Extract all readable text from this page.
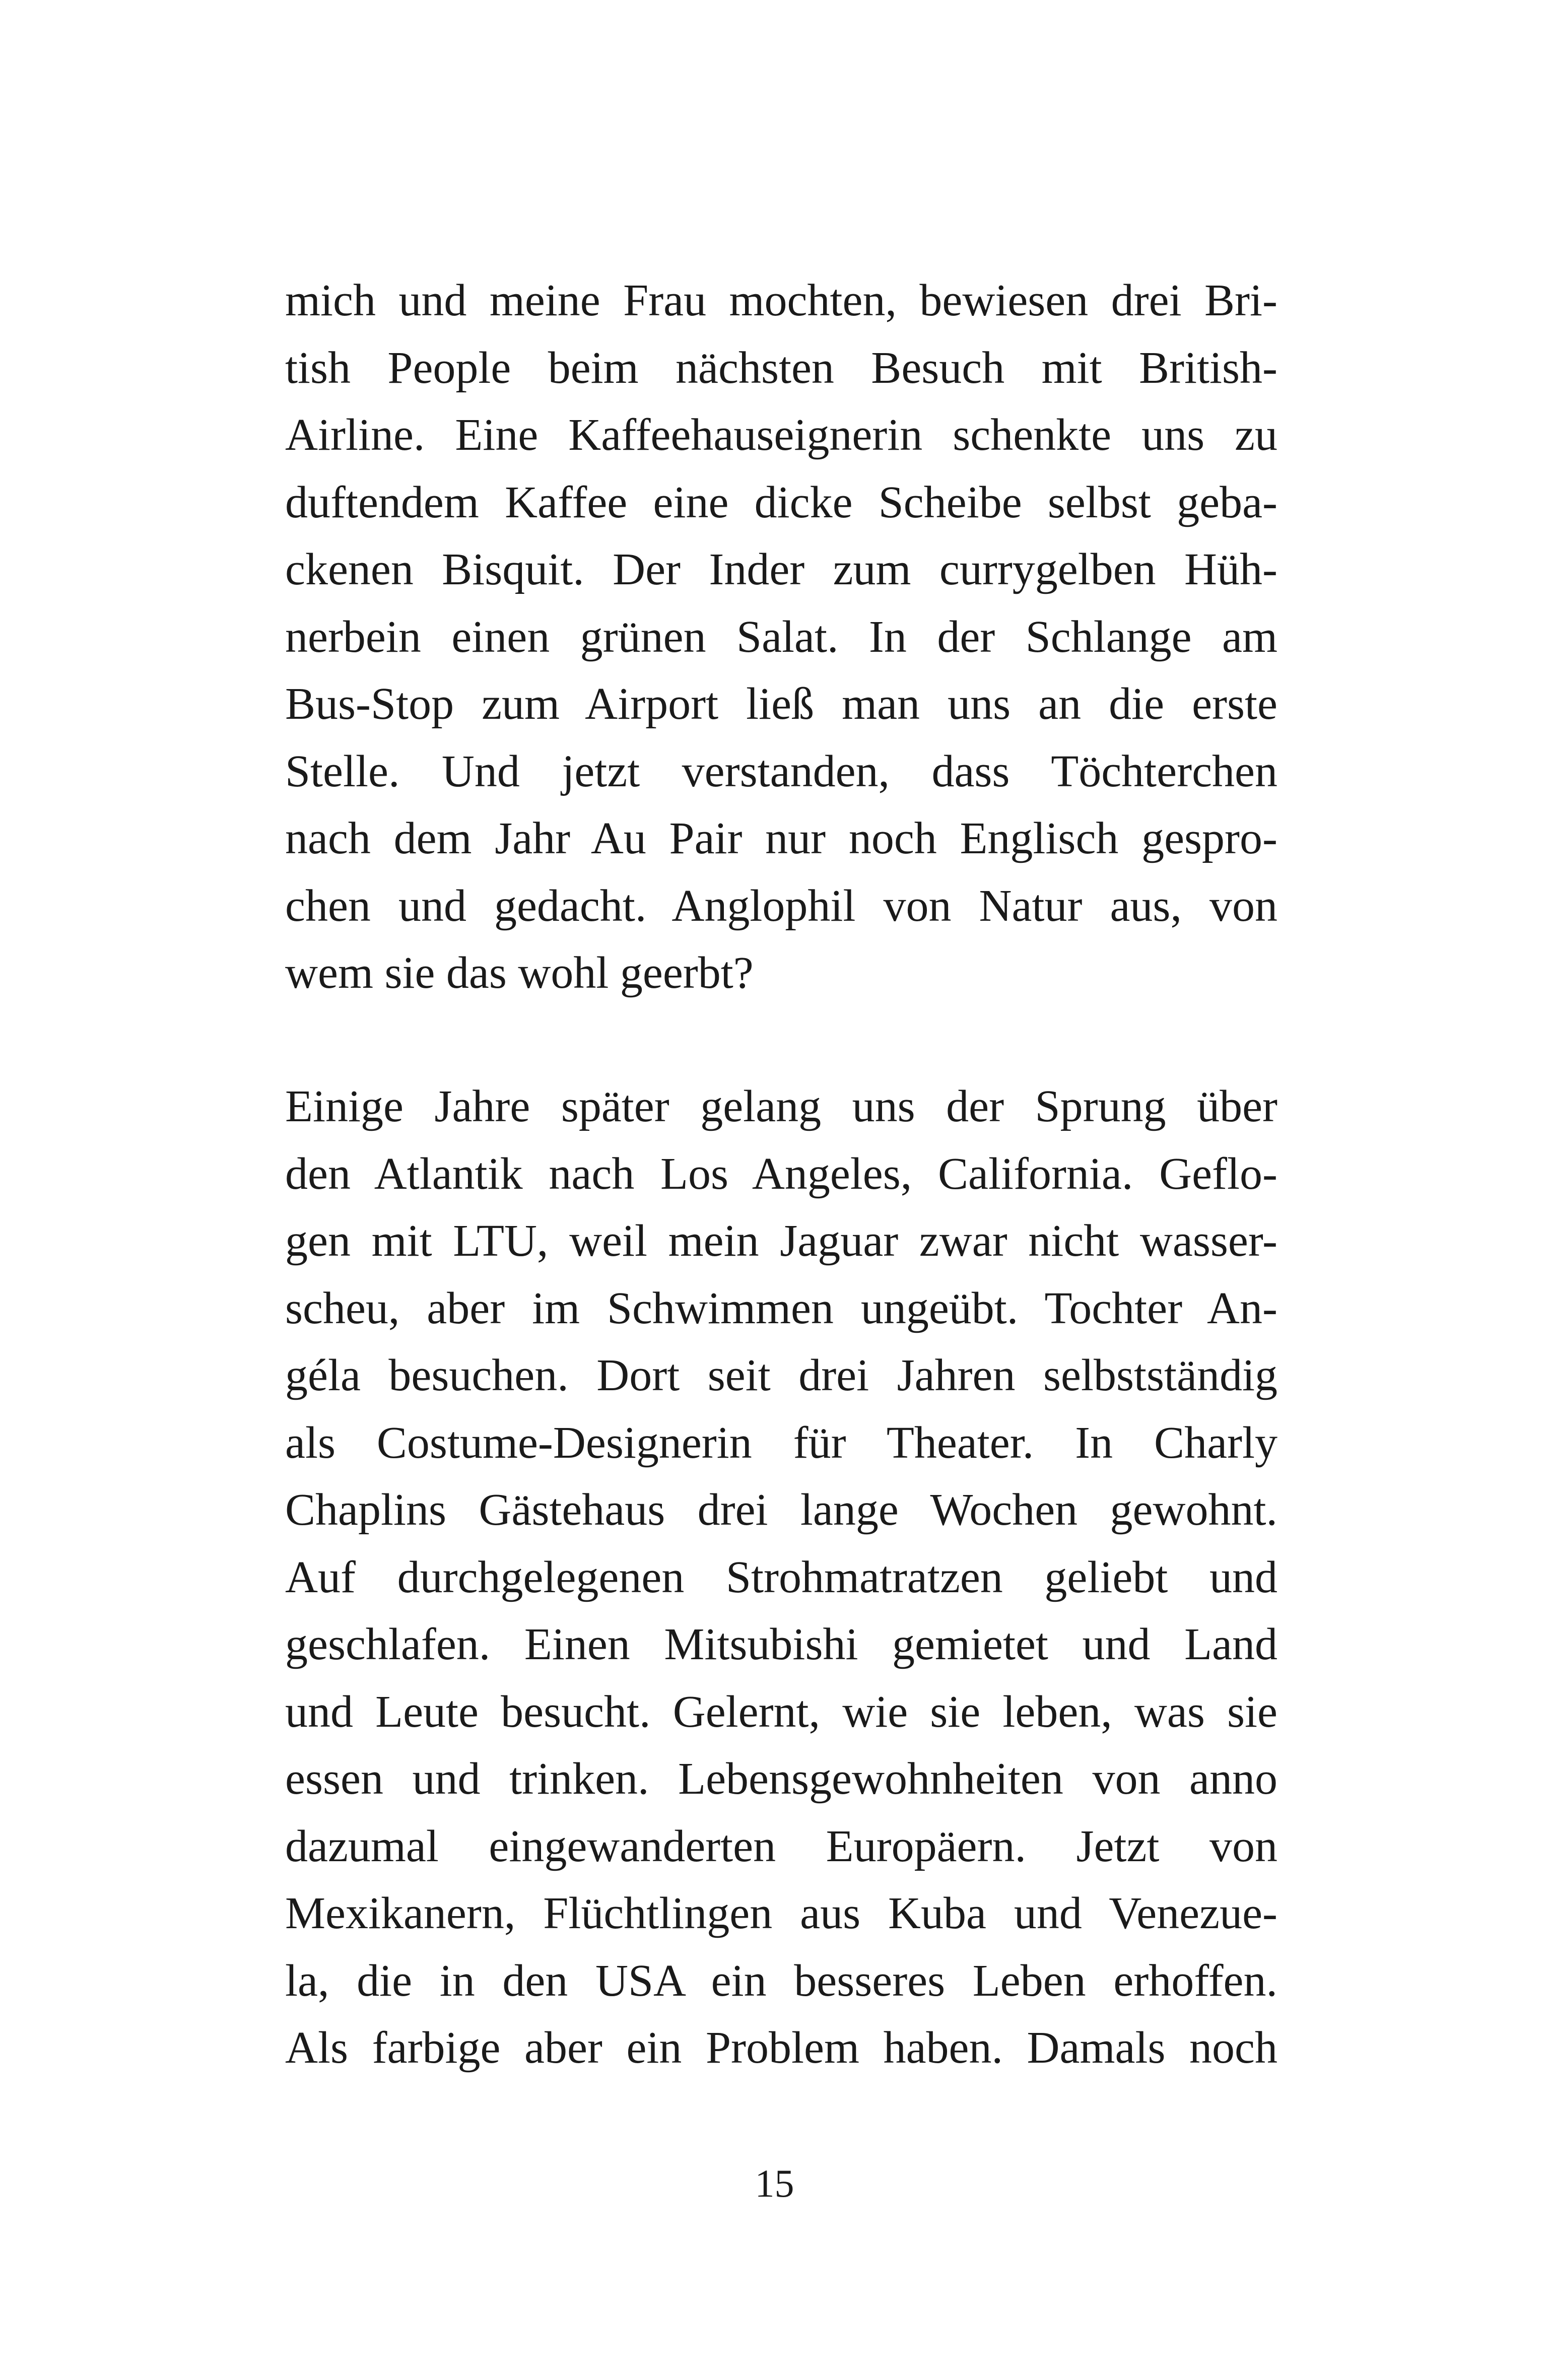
mich und meine Frau mochten, bewiesen drei Bri-
tish People beim nächsten Besuch mit British-
Airline. Eine Kaffeehauseignerin schenkte uns zu
duftendem Kaffee eine dicke Scheibe selbst geba-
ckenen Bisquit. Der Inder zum currygelben Hüh-
nerbein einen grünen Salat. In der Schlange am
Bus-Stop zum Airport ließ man uns an die erste
Stelle. Und jetzt verstanden, dass Töchterchen
nach dem Jahr Au Pair nur noch Englisch gespro-
chen und gedacht. Anglophil von Natur aus, von
wem sie das wohl geerbt?
Einige Jahre später gelang uns der Sprung über
den Atlantik nach Los Angeles, California. Geflo-
gen mit LTU, weil mein Jaguar zwar nicht wasser-
scheu, aber im Schwimmen ungeübt. Tochter An-
géla besuchen. Dort seit drei Jahren selbstständig
als Costume-Designerin für Theater. In Charly
Chaplins Gästehaus drei lange Wochen gewohnt.
Auf durchgelegenen Strohmatratzen geliebt und
geschlafen. Einen Mitsubishi gemietet und Land
und Leute besucht. Gelernt, wie sie leben, was sie
essen und trinken. Lebensgewohnheiten von anno
dazumal eingewanderten Europäern. Jetzt von
Mexikanern, Flüchtlingen aus Kuba und Venezue-
la, die in den USA ein besseres Leben erhoffen.
Als farbige aber ein Problem haben. Damals noch
15
